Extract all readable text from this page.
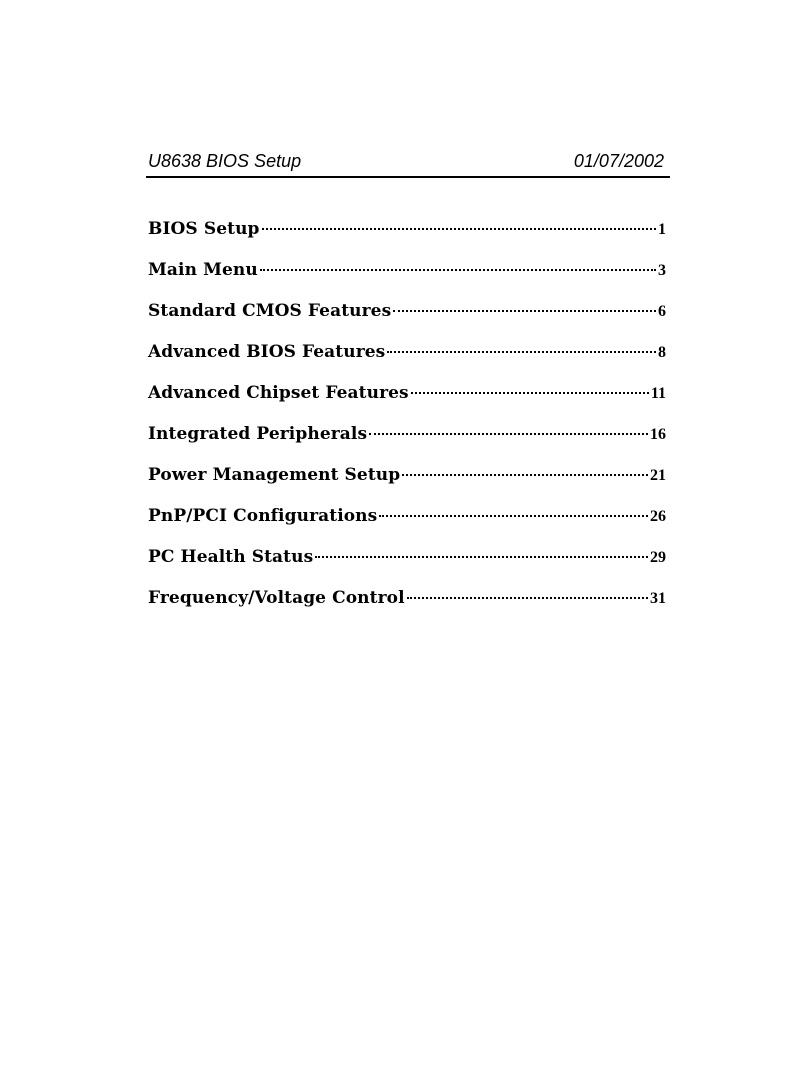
U8638 BIOS Setup	01/07/2002
BIOS Setup	1
Main Menu	3
Standard CMOS Features	6
Advanced BIOS Features	8
Advanced Chipset Features	11
Integrated Peripherals	16
Power Management Setup	21
PnP/PCI Configurations	26
PC Health Status	29
Frequency/Voltage Control	31
